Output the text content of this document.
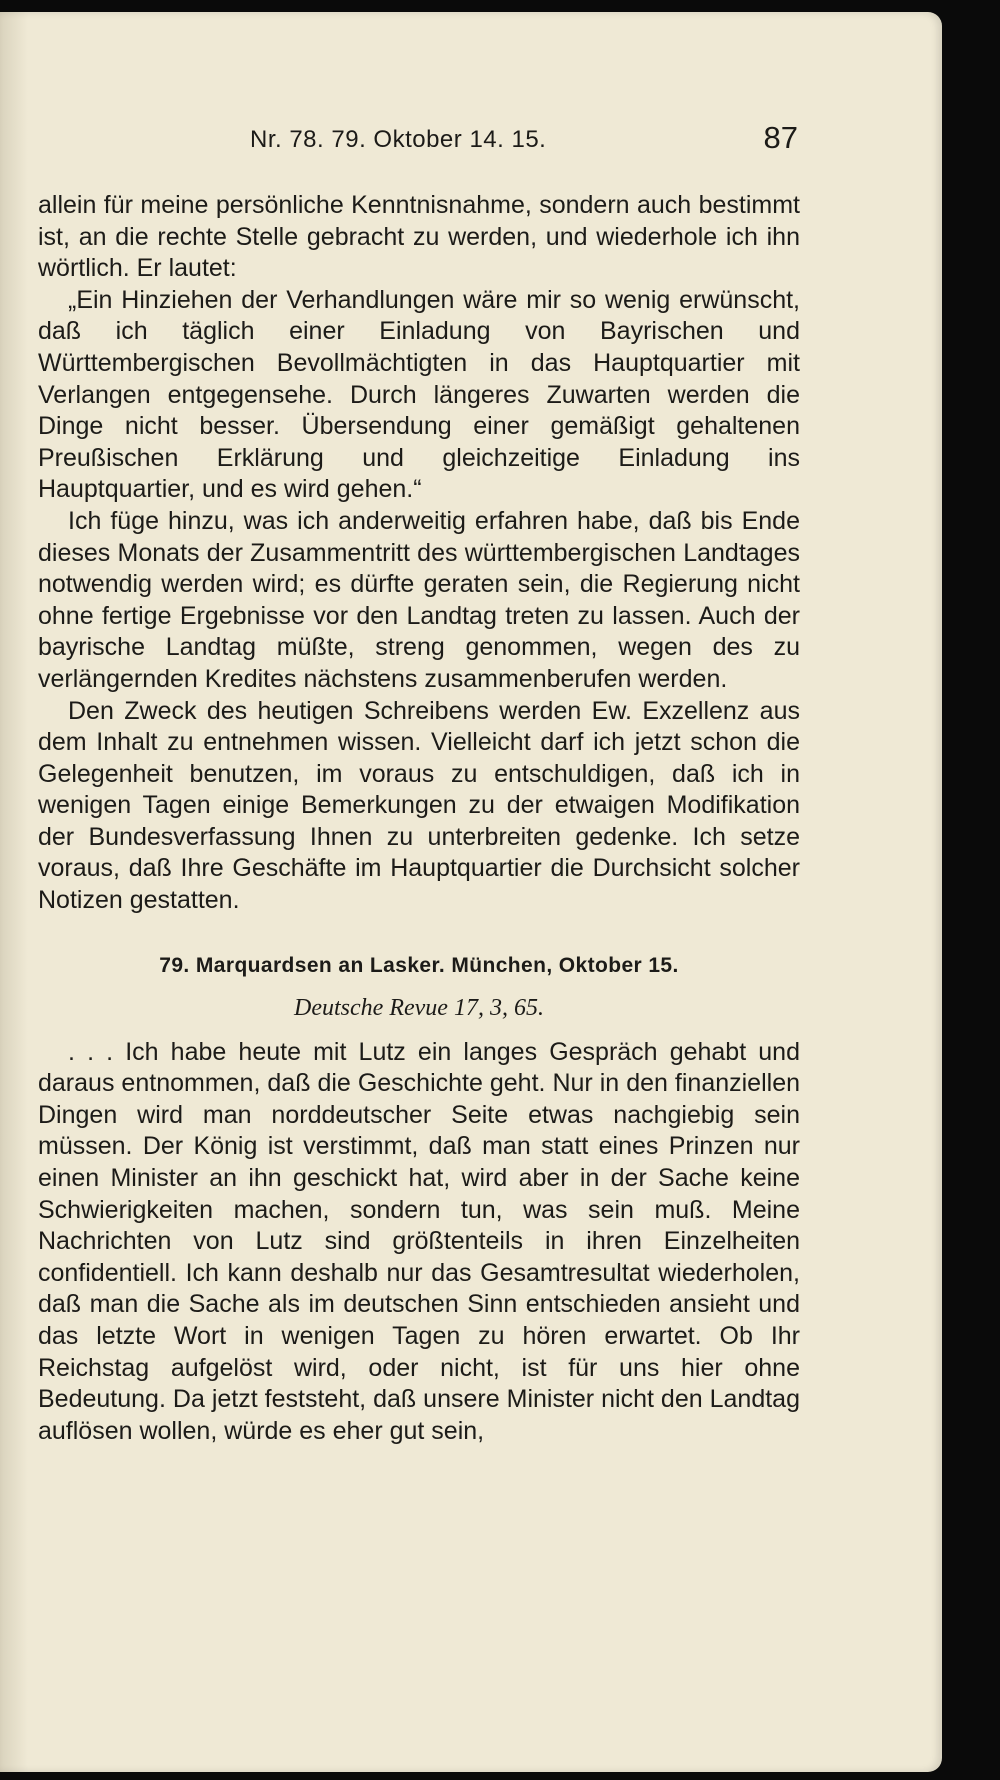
Nr. 78. 79. Oktober 14. 15.	87

allein für meine persönliche Kenntnisnahme, sondern auch bestimmt ist, an die rechte Stelle gebracht zu werden, und wiederhole ich ihn wörtlich. Er lautet:

„Ein Hinziehen der Verhandlungen wäre mir so wenig erwünscht, daß ich täglich einer Einladung von Bayrischen und Württembergischen Bevollmächtigten in das Hauptquartier mit Verlangen entgegensehe. Durch längeres Zuwarten werden die Dinge nicht besser. Übersendung einer gemäßigt gehaltenen Preußischen Erklärung und gleichzeitige Einladung ins Hauptquartier, und es wird gehen.“

Ich füge hinzu, was ich anderweitig erfahren habe, daß bis Ende dieses Monats der Zusammentritt des württembergischen Landtages notwendig werden wird; es dürfte geraten sein, die Regierung nicht ohne fertige Ergebnisse vor den Landtag treten zu lassen. Auch der bayrische Landtag müßte, streng genommen, wegen des zu verlängernden Kredites nächstens zusammenberufen werden.

Den Zweck des heutigen Schreibens werden Ew. Exzellenz aus dem Inhalt zu entnehmen wissen. Vielleicht darf ich jetzt schon die Gelegenheit benutzen, im voraus zu entschuldigen, daß ich in wenigen Tagen einige Bemerkungen zu der etwaigen Modifikation der Bundesverfassung Ihnen zu unterbreiten gedenke. Ich setze voraus, daß Ihre Geschäfte im Hauptquartier die Durchsicht solcher Notizen gestatten.

79. Marquardsen an Lasker. München, Oktober 15.

Deutsche Revue 17, 3, 65.

. . . Ich habe heute mit Lutz ein langes Gespräch gehabt und daraus entnommen, daß die Geschichte geht. Nur in den finanziellen Dingen wird man norddeutscher Seite etwas nachgiebig sein müssen. Der König ist verstimmt, daß man statt eines Prinzen nur einen Minister an ihn geschickt hat, wird aber in der Sache keine Schwierigkeiten machen, sondern tun, was sein muß. Meine Nachrichten von Lutz sind größtenteils in ihren Einzelheiten confidentiell. Ich kann deshalb nur das Gesamtresultat wiederholen, daß man die Sache als im deutschen Sinn entschieden ansieht und das letzte Wort in wenigen Tagen zu hören erwartet. Ob Ihr Reichstag aufgelöst wird, oder nicht, ist für uns hier ohne Bedeutung. Da jetzt feststeht, daß unsere Minister nicht den Landtag auflösen wollen, würde es eher gut sein,
